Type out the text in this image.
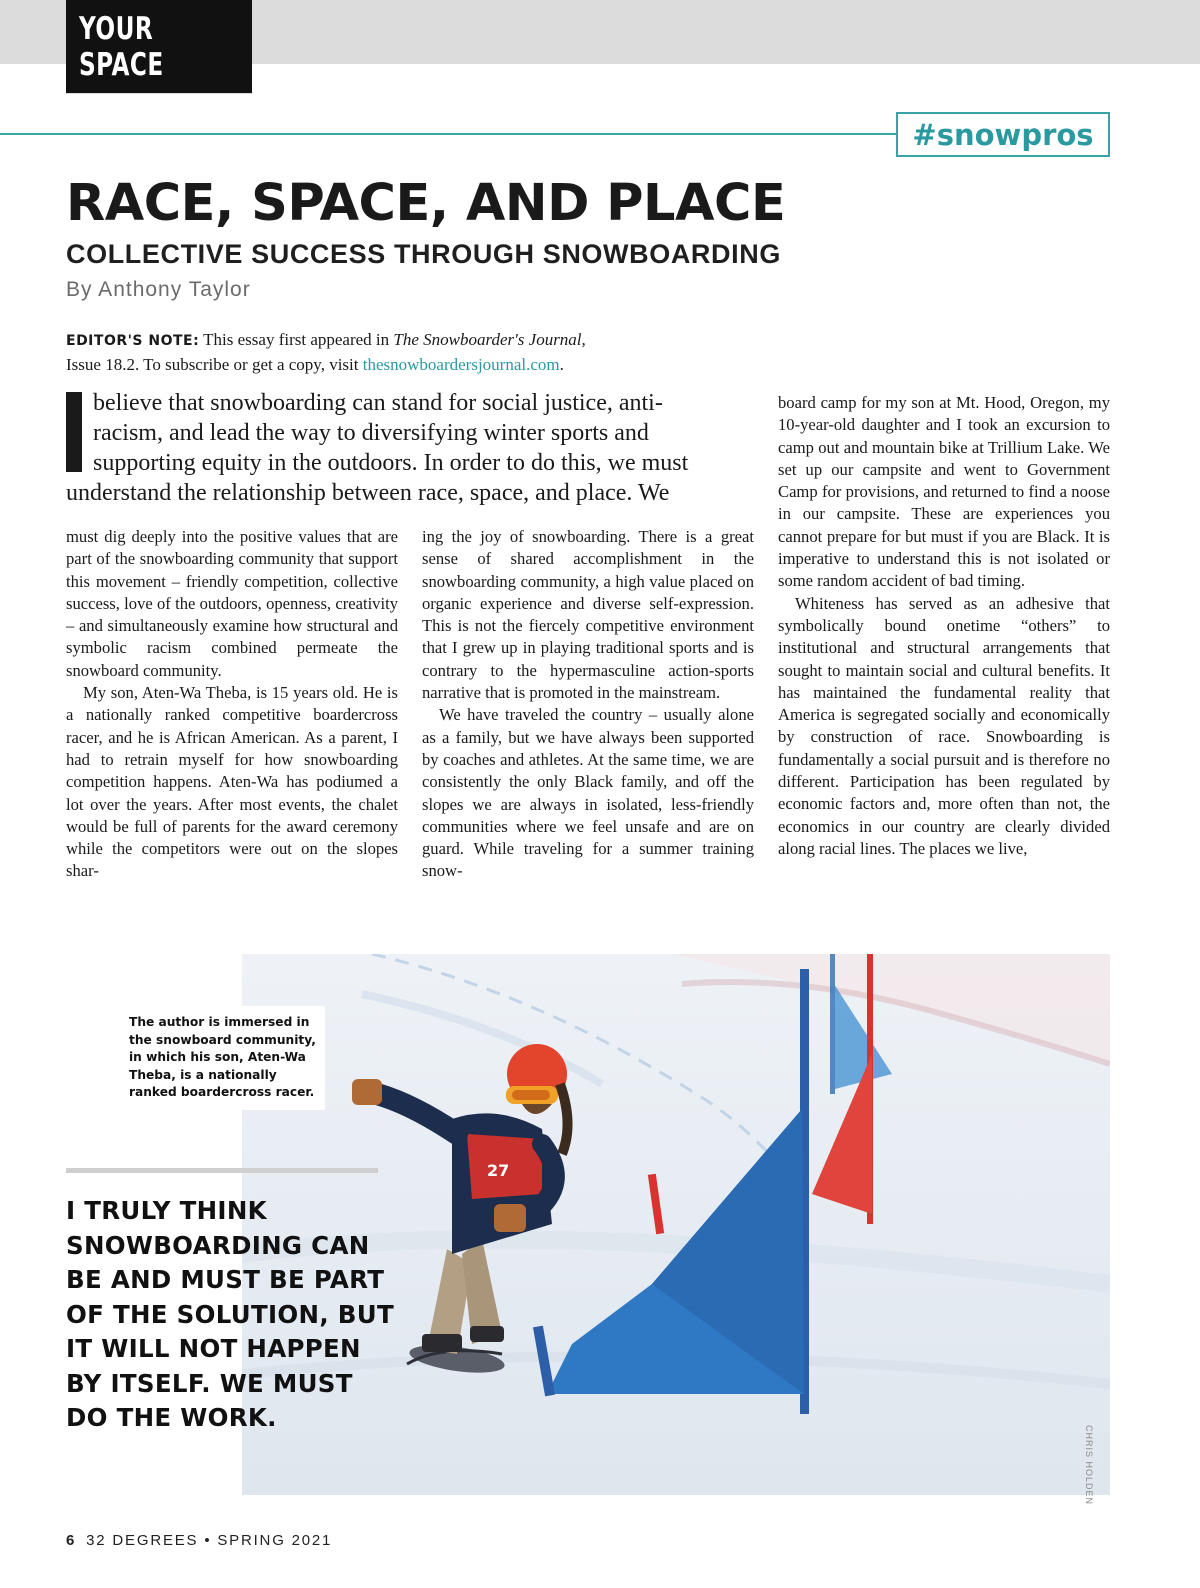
YOUR SPACE
#snowpros
RACE, SPACE, AND PLACE
COLLECTIVE SUCCESS THROUGH SNOWBOARDING
By Anthony Taylor
EDITOR'S NOTE: This essay first appeared in The Snowboarder's Journal,
Issue 18.2. To subscribe or get a copy, visit thesnowboardersjournal.com.
believe that snowboarding can stand for social justice, anti-
racism, and lead the way to diversifying winter sports and
supporting equity in the outdoors. In order to do this, we must
understand the relationship between race, space, and place. We

must dig deeply into the positive values that are part of the snowboarding community that support this movement – friendly competition, collective success, love of the outdoors, openness, creativity – and simultaneously examine how structural and symbolic racism combined permeate the snowboard community.

My son, Aten-Wa Theba, is 15 years old. He is a nationally ranked competitive boardercross racer, and he is African American. As a parent, I had to retrain myself for how snowboarding competition happens. Aten-Wa has podiumed a lot over the years. After most events, the chalet would be full of parents for the award ceremony while the competitors were out on the slopes shar-

ing the joy of snowboarding. There is a great sense of shared accomplishment in the snowboarding community, a high value placed on organic experience and diverse self-expression. This is not the fiercely competitive environment that I grew up in playing traditional sports and is contrary to the hypermasculine action-sports narrative that is promoted in the mainstream.

We have traveled the country – usually alone as a family, but we have always been supported by coaches and athletes. At the same time, we are consistently the only Black family, and off the slopes we are always in isolated, less-friendly communities where we feel unsafe and are on guard. While traveling for a summer training snow-

board camp for my son at Mt. Hood, Oregon, my 10-year-old daughter and I took an excursion to camp out and mountain bike at Trillium Lake. We set up our campsite and went to Government Camp for provisions, and returned to find a noose in our campsite. These are experiences you cannot prepare for but must if you are Black. It is imperative to understand this is not isolated or some random accident of bad timing.

Whiteness has served as an adhesive that symbolically bound onetime “others” to institutional and structural arrangements that sought to maintain social and cultural benefits. It has maintained the fundamental reality that America is segregated socially and economically by construction of race. Snowboarding is fundamentally a social pursuit and is therefore no different. Participation has been regulated by economic factors and, more often than not, the economics in our country are clearly divided along racial lines. The places we live,

27
CHRIS HOLDEN
The author is immersed in the snowboard community, in which his son, Aten-Wa Theba, is a nationally ranked boardercross racer.
I TRULY THINK
SNOWBOARDING CAN
BE AND MUST BE PART
OF THE SOLUTION, BUT
IT WILL NOT HAPPEN
BY ITSELF. WE MUST
DO THE WORK.
6 32 DEGREES • SPRING 2021
